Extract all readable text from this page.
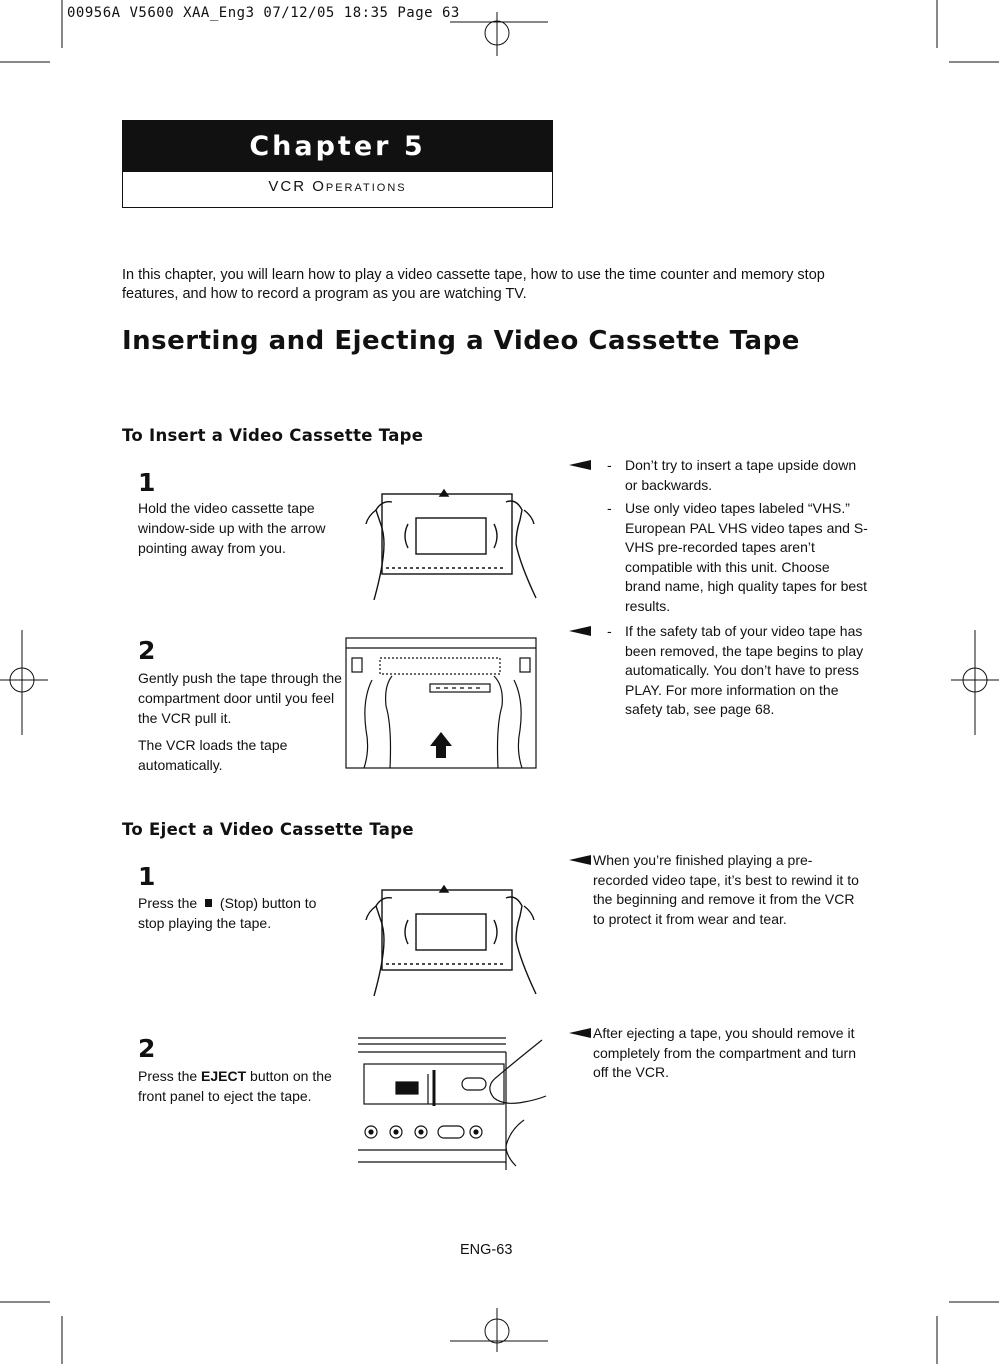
00956A V5600 XAA_Eng3 07/12/05 18:35 Page 63
Chapter 5
VCR Operations
In this chapter, you will learn how to play a video cassette tape, how to use the time counter and memory stop features, and how to record a program as you are watching TV.
Inserting and Ejecting a Video Cassette Tape
To Insert a Video Cassette Tape
1
Hold the video cassette tape window-side up with the arrow pointing away from you.
2
Gently push the tape through the compartment door until you feel the VCR pull it.
The VCR loads the tape automatically.
- Don’t try to insert a tape upside down or backwards.
- Use only video tapes labeled “VHS.” European PAL VHS video tapes and S-VHS pre-recorded tapes aren’t compatible with this unit. Choose brand name, high quality tapes for best results.
- If the safety tab of your video tape has been removed, the tape begins to play automatically. You don’t have to press PLAY. For more information on the safety tab, see page 68.
To Eject a Video Cassette Tape
1
Press the (Stop) button to stop playing the tape.
2
Press the EJECT button on the front panel to eject the tape.
When you’re finished playing a pre-recorded video tape, it’s best to rewind it to the beginning and remove it from the VCR to protect it from wear and tear.
After ejecting a tape, you should remove it completely from the compartment and turn off the VCR.
ENG-63
